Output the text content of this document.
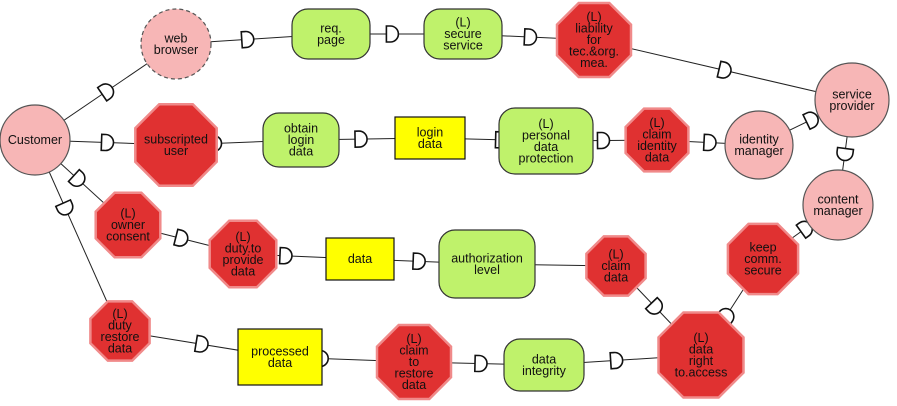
Customer
web browser
service provider
identity manager
content manager
req. page
(L) secure service
obtain login data
(L) personal data protection
authorization level
data integrity
login data
data
processed data
(L) liability for tec.&org. mea.
subscripted user
(L) claim identity data
(L) owner consent	(L) duty.to provide data
(L) claim data
keep comm. secure
(L) duty restore data
(L) claim to restore data
(L) data right to.access
